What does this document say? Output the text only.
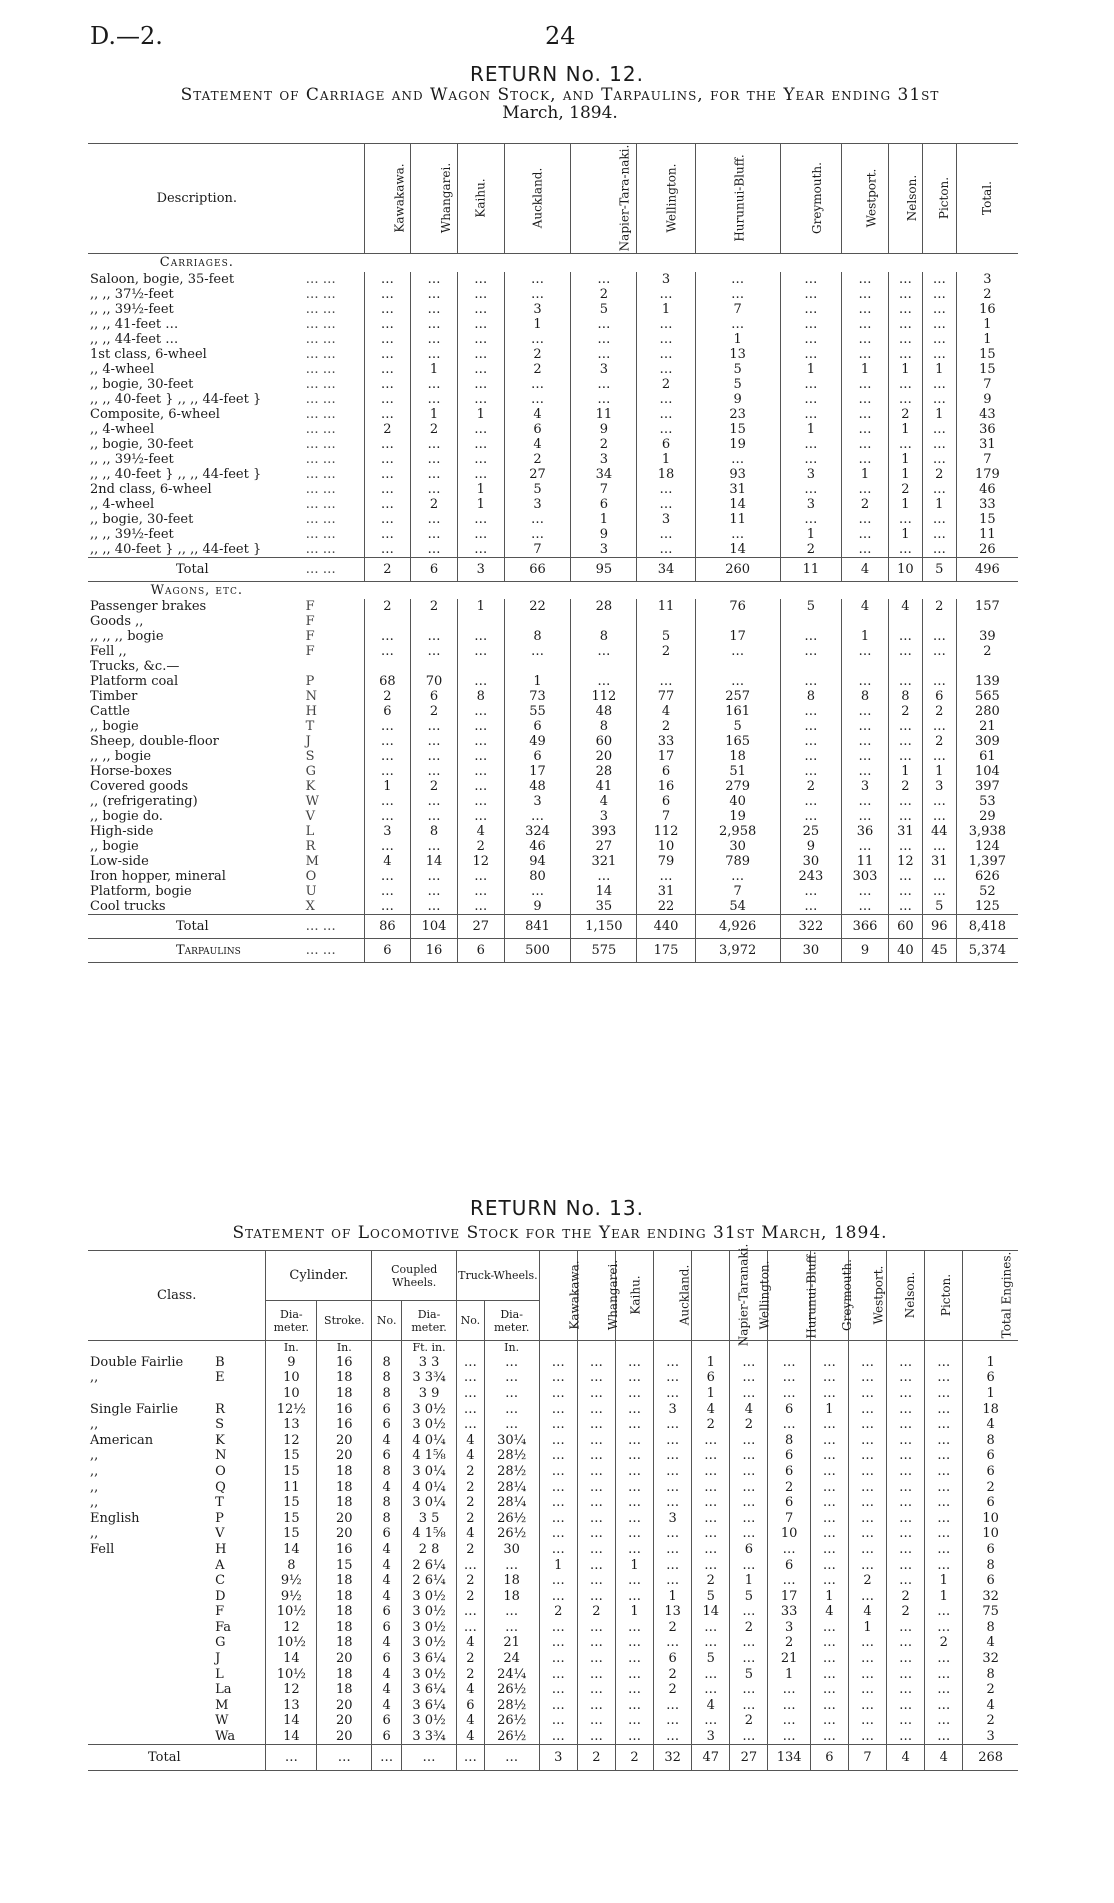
D.—2.	24
RETURN No. 12.
Statement of Carriage and Wagon Stock, and Tarpaulins, for the Year ending 31st
March, 1894.
Description.		Kawakawa.	Whangarei.	Kaihu.	Auckland.	Napier-Tara-naki.	Wellington.	Hurunui-Bluff.	Greymouth.	Westport.	Nelson.	Picton.	Total.
Carriages.													
Saloon, bogie, 35-feet	… …	…	…	…	…	…	3	…	…	…	…	…	3
,, ,, 37½-feet	… …	…	…	…	…	2	…	…	…	…	…	…	2
,, ,, 39½-feet	… …	…	…	…	3	5	1	7	…	…	…	…	16
,, ,, 41-feet …	… …	…	…	…	1	…	…	…	…	…	…	…	1
,, ,, 44-feet …	… …	…	…	…	…	…	…	1	…	…	…	…	1
1st class, 6-wheel	… …	…	…	…	2	…	…	13	…	…	…	…	15
,, 4-wheel	… …	…	1	…	2	3	…	5	1	1	1	1	15
,, bogie, 30-feet	… …	…	…	…	…	…	2	5	…	…	…	…	7
,, ,, 40-feet } ,, ,, 44-feet }	… …	…	…	…	…	…	…	9	…	…	…	…	9
Composite, 6-wheel	… …	…	1	1	4	11	…	23	…	…	2	1	43
,, 4-wheel	… …	2	2	…	6	9	…	15	1	…	1	…	36
,, bogie, 30-feet	… …	…	…	…	4	2	6	19	…	…	…	…	31
,, ,, 39½-feet	… …	…	…	…	2	3	1	…	…	…	1	…	7
,, ,, 40-feet } ,, ,, 44-feet }	… …	…	…	…	27	34	18	93	3	1	1	2	179
2nd class, 6-wheel	… …	…	…	1	5	7	…	31	…	…	2	…	46
,, 4-wheel	… …	…	2	1	3	6	…	14	3	2	1	1	33
,, bogie, 30-feet	… …	…	…	…	…	1	3	11	…	…	…	…	15
,, ,, 39½-feet	… …	…	…	…	…	9	…	…	1	…	1	…	11
,, ,, 40-feet } ,, ,, 44-feet }	… …	…	…	…	7	3	…	14	2	…	…	…	26
Total	… …	2	6	3	66	95	34	260	11	4	10	5	496
Wagons, etc.													
Passenger brakes	F	2	2	1	22	28	11	76	5	4	4	2	157
Goods ,,	F												
,, ,, ,, bogie	F	…	…	…	8	8	5	17	…	1	…	…	39
Fell ,,	F	…	…	…	…	…	2	…	…	…	…	…	2
Trucks, &c.—													
Platform coal	P	68	70	…	1	…	…	…	…	…	…	…	139
Timber	N	2	6	8	73	112	77	257	8	8	8	6	565
Cattle	H	6	2	…	55	48	4	161	…	…	2	2	280
,, bogie	T	…	…	…	6	8	2	5	…	…	…	…	21
Sheep, double-floor	J	…	…	…	49	60	33	165	…	…	…	2	309
,, ,, bogie	S	…	…	…	6	20	17	18	…	…	…	…	61
Horse-boxes	G	…	…	…	17	28	6	51	…	…	1	1	104
Covered goods	K	1	2	…	48	41	16	279	2	3	2	3	397
,, (refrigerating)	W	…	…	…	3	4	6	40	…	…	…	…	53
,, bogie do.	V	…	…	…	…	3	7	19	…	…	…	…	29
High-side	L	3	8	4	324	393	112	2,958	25	36	31	44	3,938
,, bogie	R	…	…	2	46	27	10	30	9	…	…	…	124
Low-side	M	4	14	12	94	321	79	789	30	11	12	31	1,397
Iron hopper, mineral	O	…	…	…	80	…	…	…	243	303	…	…	626
Platform, bogie	U	…	…	…	…	14	31	7	…	…	…	…	52
Cool trucks	X	…	…	…	9	35	22	54	…	…	…	5	125
Total	… …	86	104	27	841	1,150	440	4,926	322	366	60	96	8,418
Tarpaulins	… …	6	16	6	500	575	175	3,972	30	9	40	45	5,374
RETURN No. 13.
Statement of Locomotive Stock for the Year ending 31st March, 1894.
Class.		Cylinder.		Coupled Wheels.		Truck-Wheels.		Kawakawa.	Whangarei.	Kaihu.	Auckland.	Napier-Taranaki.	Wellington.	Hurunui-Bluff.	Greymouth.	Westport.	Nelson.	Picton.	Total Engines.
		Dia-meter.	Stroke.	No.	Dia-meter.	No.	Dia-meter.												
		In.	In.		Ft. in.		In.												
Double Fairlie	B	9	16	8	3 3	…	…	…	…	…	…	1	…	…	…	…	…	…	1
,,	E	10	18	8	3 3¾	…	…	…	…	…	…	6	…	…	…	…	…	…	6
		10	18	8	3 9	…	…	…	…	…	…	1	…	…	…	…	…	…	1
Single Fairlie	R	12½	16	6	3 0½	…	…	…	…	…	3	4	4	6	1	…	…	…	18
,,	S	13	16	6	3 0½	…	…	…	…	…	…	2	2	…	…	…	…	…	4
American	K	12	20	4	4 0¼	4	30¼	…	…	…	…	…	…	8	…	…	…	…	8
,,	N	15	20	6	4 1⅝	4	28½	…	…	…	…	…	…	6	…	…	…	…	6
,,	O	15	18	8	3 0¼	2	28½	…	…	…	…	…	…	6	…	…	…	…	6
,,	Q	11	18	4	4 0¼	2	28¼	…	…	…	…	…	…	2	…	…	…	…	2
,,	T	15	18	8	3 0¼	2	28¼	…	…	…	…	…	…	6	…	…	…	…	6
English	P	15	20	8	3 5	2	26½	…	…	…	3	…	…	7	…	…	…	…	10
,,	V	15	20	6	4 1⅝	4	26½	…	…	…	…	…	…	10	…	…	…	…	10
Fell	H	14	16	4	2 8	2	30	…	…	…	…	…	6	…	…	…	…	…	6
	A	8	15	4	2 6¼	…	…	1	…	1	…	…	…	6	…	…	…	…	8
	C	9½	18	4	2 6¼	2	18	…	…	…	…	2	1	…	…	2	…	1	6
	D	9½	18	4	3 0½	2	18	…	…	…	1	5	5	17	1	…	2	1	32
	F	10½	18	6	3 0½	…	…	2	2	1	13	14	…	33	4	4	2	…	75
	Fa	12	18	6	3 0½	…	…	…	…	…	2	…	2	3	…	1	…	…	8
	G	10½	18	4	3 0½	4	21	…	…	…	…	…	…	2	…	…	…	2	4
	J	14	20	6	3 6¼	2	24	…	…	…	6	5	…	21	…	…	…	…	32
	L	10½	18	4	3 0½	2	24¼	…	…	…	2	…	5	1	…	…	…	…	8
	La	12	18	4	3 6¼	4	26½	…	…	…	2	…	…	…	…	…	…	…	2
	M	13	20	4	3 6¼	6	28½	…	…	…	…	4	…	…	…	…	…	…	4
	W	14	20	6	3 0½	4	26½	…	…	…	…	…	2	…	…	…	…	…	2
	Wa	14	20	6	3 3¾	4	26½	…	…	…	…	3	…	…	…	…	…	…	3
Total		…	…	…	…	…	…	3	2	2	32	47	27	134	6	7	4	4	268
